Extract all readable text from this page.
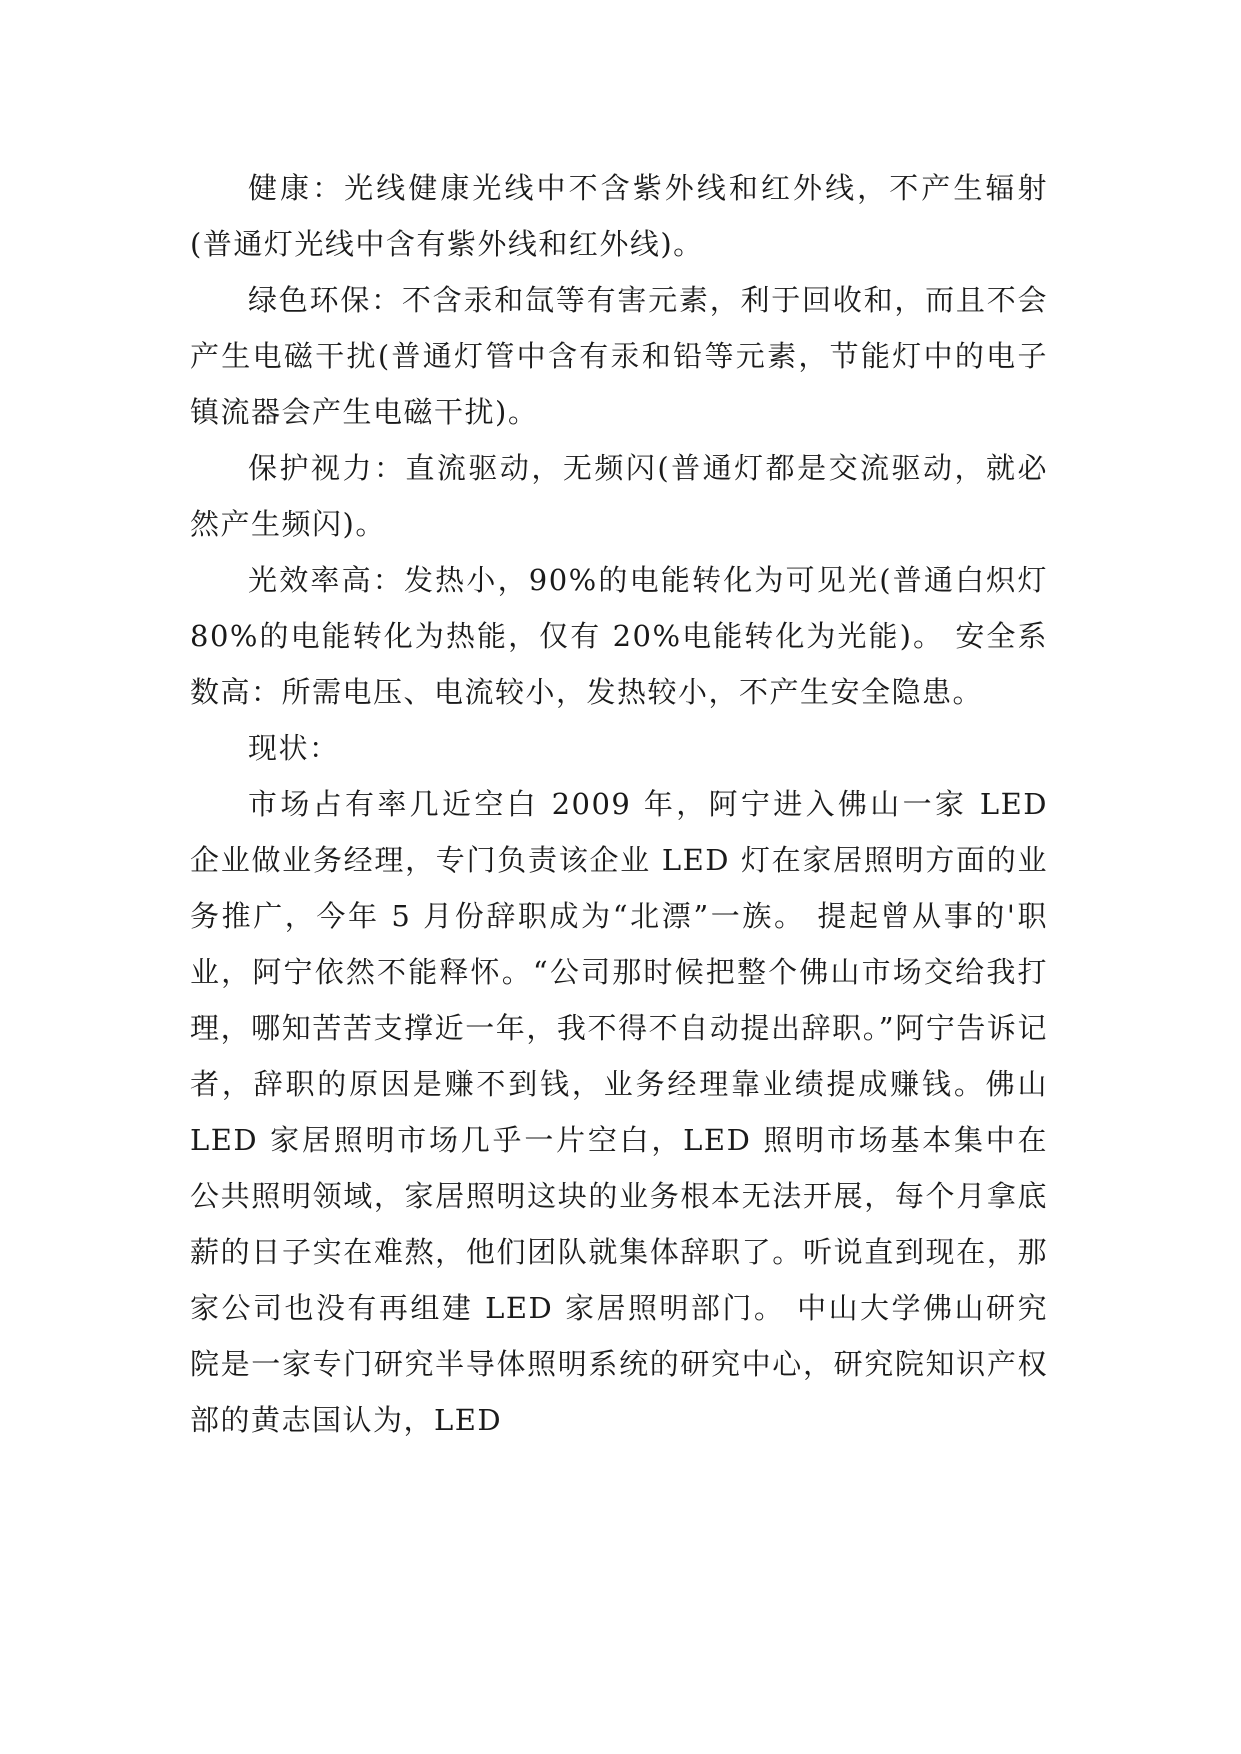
健康：光线健康光线中不含紫外线和红外线，不产生辐射(普通灯光线中含有紫外线和红外线)。

绿色环保：不含汞和氙等有害元素，利于回收和，而且不会产生电磁干扰(普通灯管中含有汞和铅等元素，节能灯中的电子镇流器会产生电磁干扰)。

保护视力：直流驱动，无频闪(普通灯都是交流驱动，就必然产生频闪)。

光效率高：发热小，90%的电能转化为可见光(普通白炽灯 80%的电能转化为热能，仅有 20%电能转化为光能)。 安全系数高：所需电压、电流较小，发热较小，不产生安全隐患。

现状：

市场占有率几近空白 2009 年，阿宁进入佛山一家 LED 企业做业务经理，专门负责该企业 LED 灯在家居照明方面的业务推广，今年 5 月份辞职成为“北漂”一族。 提起曾从事的'职业，阿宁依然不能释怀。“公司那时候把整个佛山市场交给我打理，哪知苦苦支撑近一年，我不得不自动提出辞职。”阿宁告诉记者，辞职的原因是赚不到钱，业务经理靠业绩提成赚钱。佛山 LED 家居照明市场几乎一片空白，LED 照明市场基本集中在公共照明领域，家居照明这块的业务根本无法开展，每个月拿底薪的日子实在难熬，他们团队就集体辞职了。听说直到现在，那家公司也没有再组建 LED 家居照明部门。 中山大学佛山研究院是一家专门研究半导体照明系统的研究中心，研究院知识产权部的黄志国认为，LED
